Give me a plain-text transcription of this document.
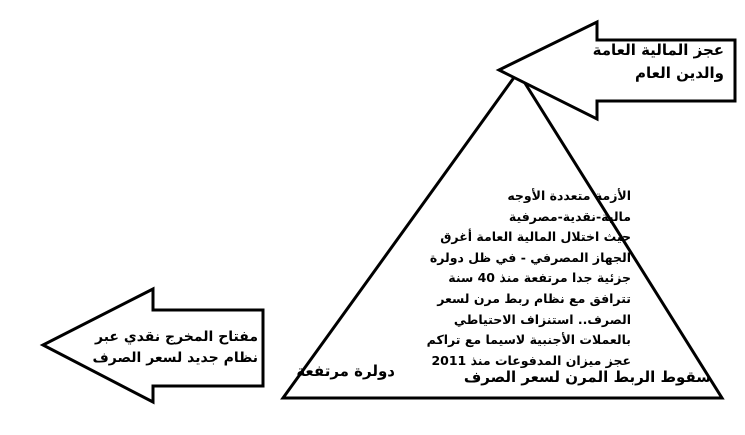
عجز المالية العامة
والدين العام
مفتاح المخرج نقدي عبر
نظام جديد لسعر الصرف
الأزمة متعددة الأوجه
مالية-نقدية-مصرفية
حيث اختلال المالية العامة أغرق
الجهاز المصرفي - في ظل دولرة
جزئية جدا مرتفعة منذ 40 سنة
تترافق مع نظام ربط مرن لسعر
الصرف.. استنزاف الاحتياطي
بالعملات الأجنبية لاسيما مع تراكم
عجز ميزان المدفوعات منذ 2011
دولرة مرتفعة	سقوط الربط المرن لسعر الصرف
